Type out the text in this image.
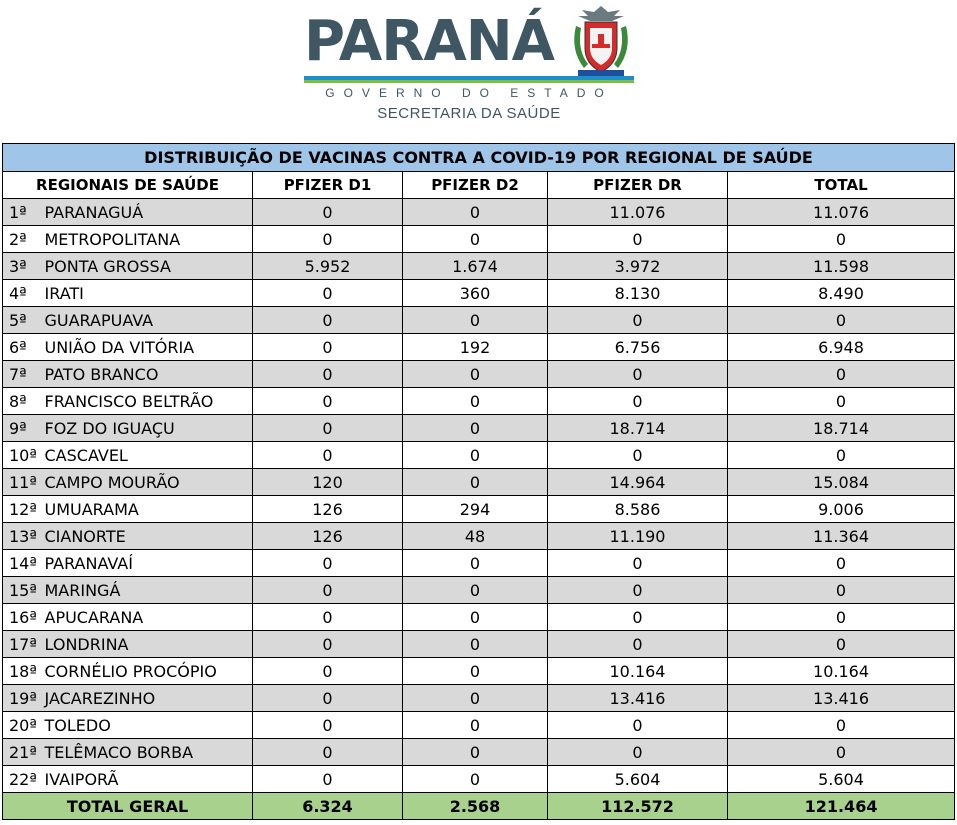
PARANÁ
GOVERNO DO ESTADO
SECRETARIA DA SAÚDE
DISTRIBUIÇÃO DE VACINAS CONTRA A COVID-19 POR REGIONAL DE SAÚDE					
REGIONAIS DE SAÚDE		PFIZER D1	PFIZER D2	PFIZER DR	TOTAL
1ª	PARANAGUÁ	0	0	11.076	11.076
2ª	METROPOLITANA	0	0	0	0
3ª	PONTA GROSSA	5.952	1.674	3.972	11.598
4ª	IRATI	0	360	8.130	8.490
5ª	GUARAPUAVA	0	0	0	0
6ª	UNIÃO DA VITÓRIA	0	192	6.756	6.948
7ª	PATO BRANCO	0	0	0	0
8ª	FRANCISCO BELTRÃO	0	0	0	0
9ª	FOZ DO IGUAÇU	0	0	18.714	18.714
10ª	CASCAVEL	0	0	0	0
11ª	CAMPO MOURÃO	120	0	14.964	15.084
12ª	UMUARAMA	126	294	8.586	9.006
13ª	CIANORTE	126	48	11.190	11.364
14ª	PARANAVAÍ	0	0	0	0
15ª	MARINGÁ	0	0	0	0
16ª	APUCARANA	0	0	0	0
17ª	LONDRINA	0	0	0	0
18ª	CORNÉLIO PROCÓPIO	0	0	10.164	10.164
19ª	JACAREZINHO	0	0	13.416	13.416
20ª	TOLEDO	0	0	0	0
21ª	TELÊMACO BORBA	0	0	0	0
22ª	IVAIPORÃ	0	0	5.604	5.604
TOTAL GERAL		6.324	2.568	112.572	121.464
